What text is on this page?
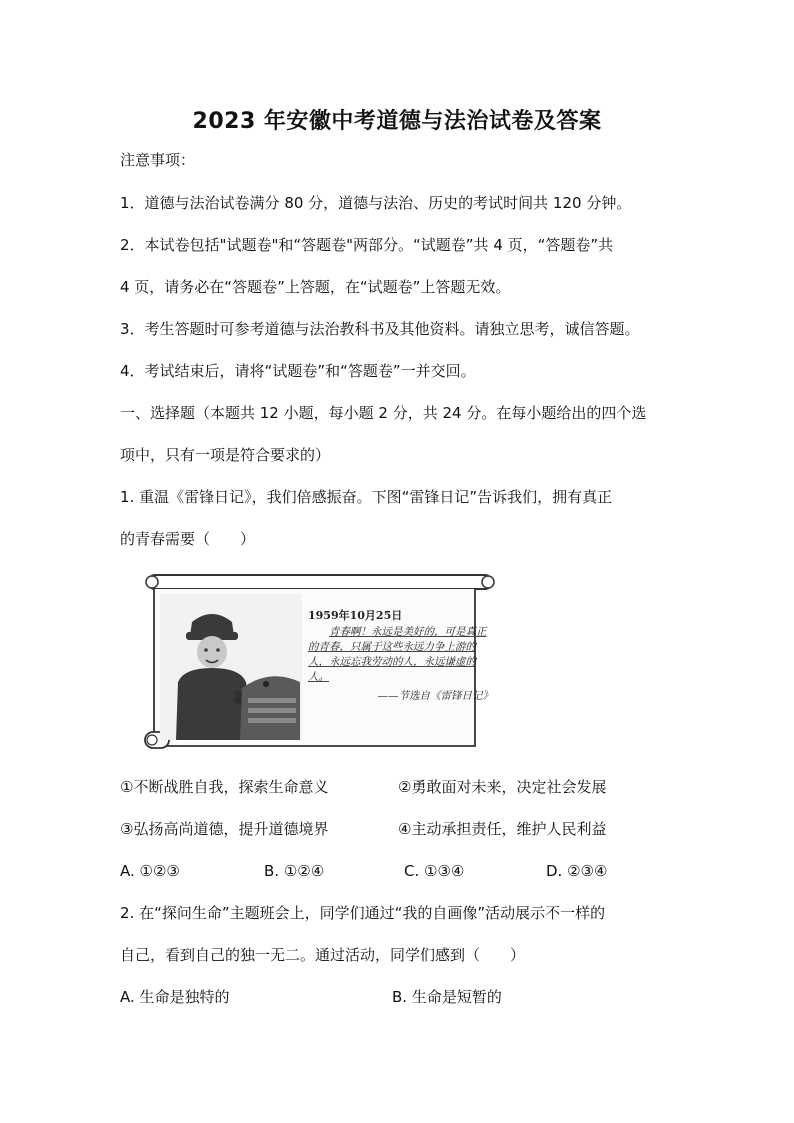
2023 年安徽中考道德与法治试卷及答案
注意事项：
1．道德与法治试卷满分 80 分，道德与法治、历史的考试时间共 120 分钟。
2．本试卷包括"试题卷"和“答题卷"两部分。“试题卷”共 4 页，“答题卷”共
4 页，请务必在“答题卷”上答题，在“试题卷”上答题无效。
3．考生答题时可参考道德与法治教科书及其他资料。请独立思考，诚信答题。
4．考试结束后，请将“试题卷”和“答题卷”一并交回。
一、选择题（本题共 12 小题，每小题 2 分，共 24 分。在每小题给出的四个选
项中，只有一项是符合要求的）
1. 重温《雷锋日记》，我们倍感振奋。下图“雷锋日记”告诉我们，拥有真正
的青春需要（　　）
1959年10月25日
青春啊！永远是美好的，可是真正的青春，只属于这些永远力争上游的人，永远忘我劳动的人，永远谦虚的人。
——节选自《雷锋日记》
①不断战胜自我，探索生命意义	②勇敢面对未来，决定社会发展
③弘扬高尚道德，提升道德境界	④主动承担责任，维护人民利益
A. ①②③	B. ①②④	C. ①③④	D. ②③④
2. 在“探问生命”主题班会上，同学们通过“我的自画像”活动展示不一样的
自己，看到自己的独一无二。通过活动，同学们感到（　　）
A. 生命是独特的	B. 生命是短暂的
